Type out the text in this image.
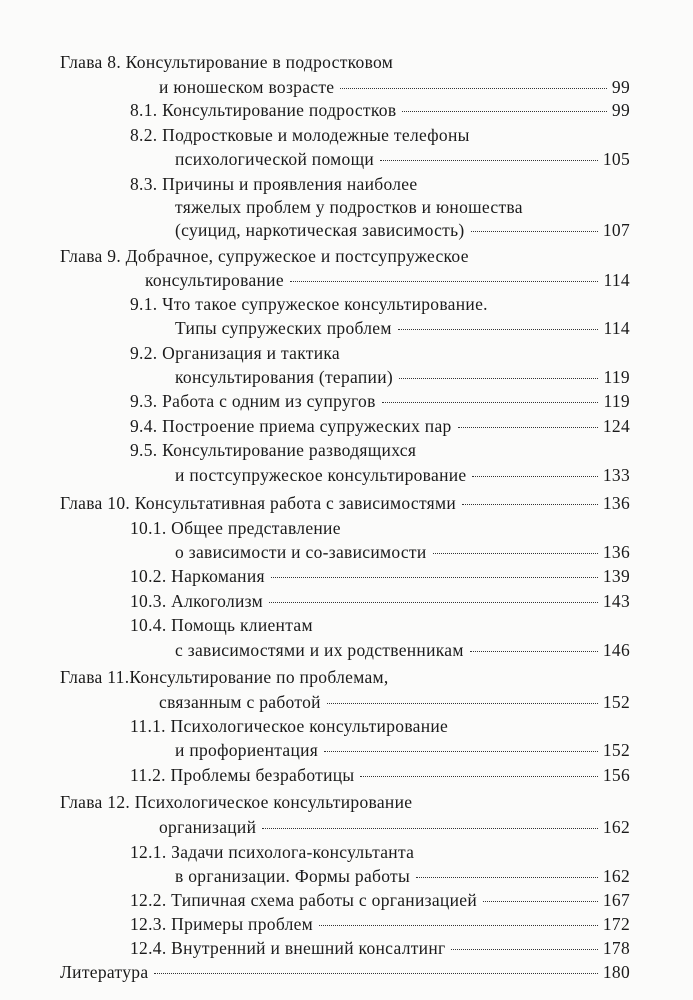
Глава 8. Консультирование в подростковом
и юношеском возрасте	99
8.1. Консультирование подростков	99
8.2. Подростковые и молодежные телефоны
психологической помощи	105
8.3. Причины и проявления наиболее
тяжелых проблем у подростков и юношества
(суицид, наркотическая зависимость)	107
Глава 9. Добрачное, супружеское и постсупружеское
консультирование	114
9.1. Что такое супружеское консультирование.
Типы супружеских проблем	114
9.2. Организация и тактика
консультирования (терапии)	119
9.3. Работа с одним из супругов	119
9.4. Построение приема супружеских пар	124
9.5. Консультирование разводящихся
и постсупружеское консультирование	133
Глава 10. Консультативная работа с зависимостями	136
10.1. Общее представление
о зависимости и со-зависимости	136
10.2. Наркомания	139
10.3. Алкоголизм	143
10.4. Помощь клиентам
с зависимостями и их родственникам	146
Глава 11.Консультирование по проблемам,
связанным с работой	152
11.1. Психологическое консультирование
и профориентация	152
11.2. Проблемы безработицы	156
Глава 12. Психологическое консультирование
организаций	162
12.1. Задачи психолога-консультанта
в организации. Формы работы	162
12.2. Типичная схема работы с организацией	167
12.3. Примеры проблем	172
12.4. Внутренний и внешний консалтинг	178
Литература	180
